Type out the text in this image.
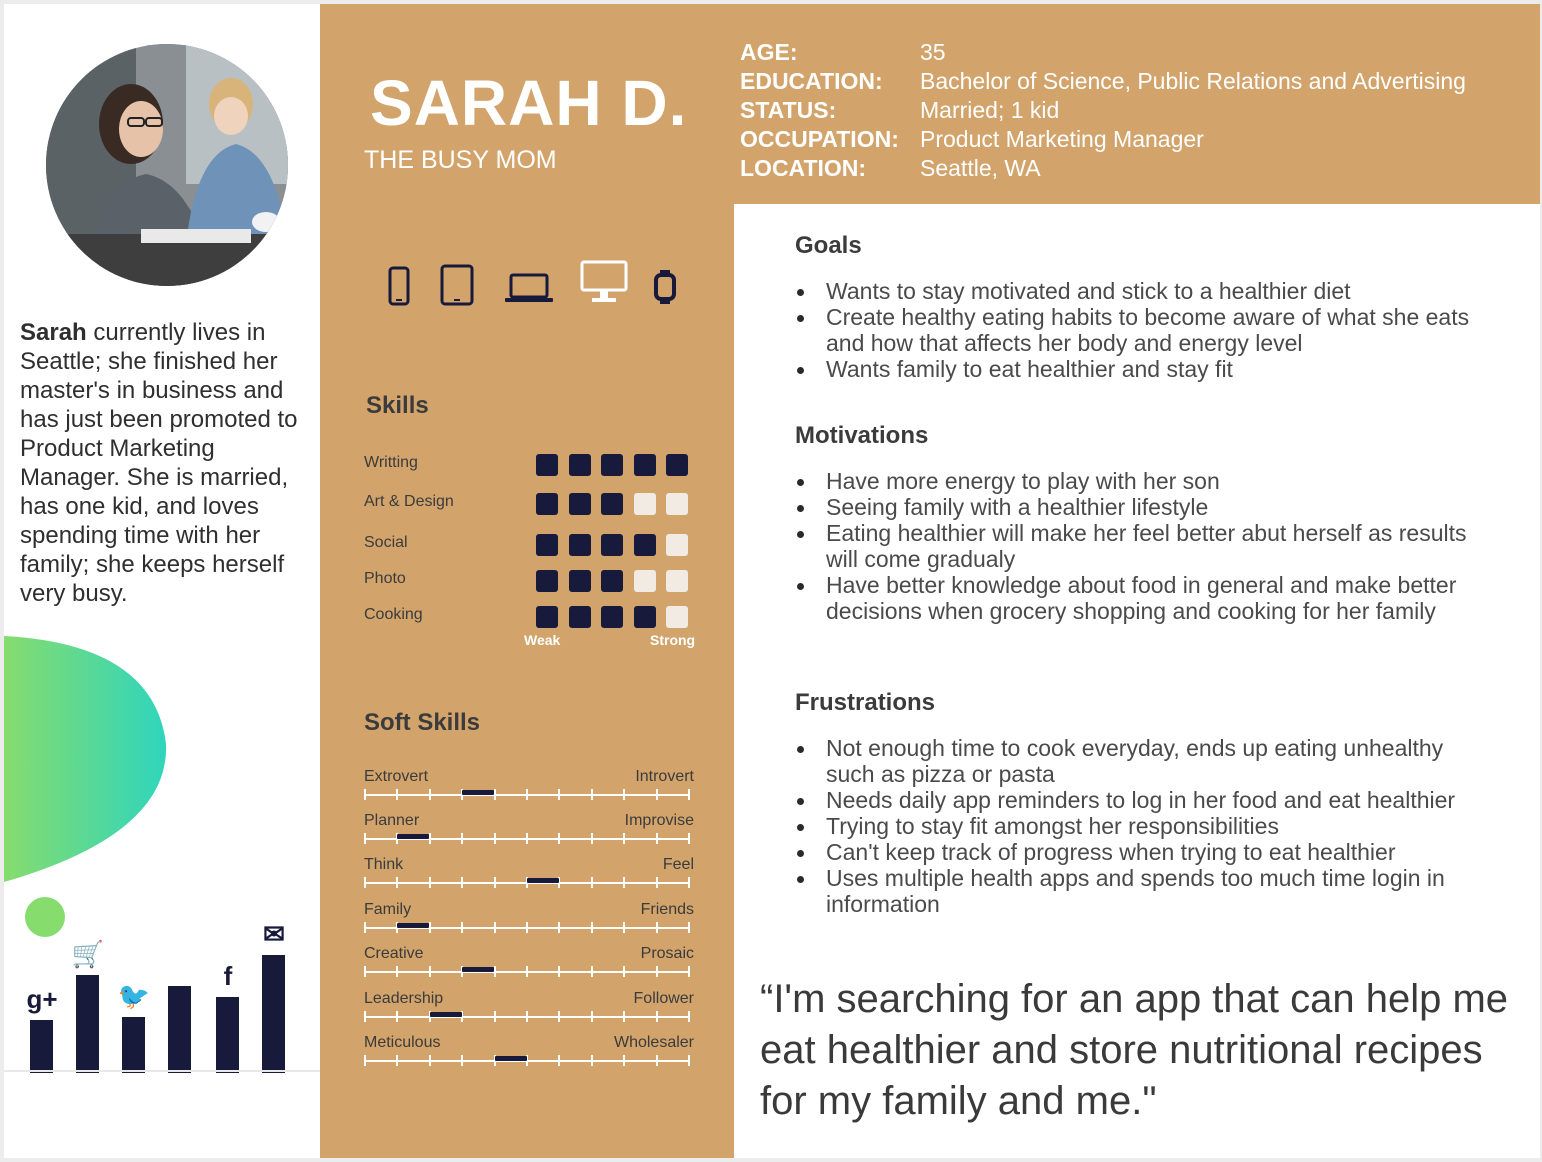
Sarah currently lives in Seattle; she finished her master's in business and has just been promoted to Product Marketing Manager. She is married, has one kid, and loves spending time with her family; she keeps herself very busy.
g+
🛒
🐦
f
✉
SARAH D.
THE BUSY MOM
AGE:	35
EDUCATION:	Bachelor of Science, Public Relations and Advertising
STATUS:	Married; 1 kid
OCCUPATION: Product Marketing Manager
LOCATION:	Seattle, WA
Skills
Writting
Art & Design
Social
Photo
Cooking
Weak	Strong
Soft Skills
Extrovert	Introvert
Planner	Improvise
Think	Feel
Family	Friends
Creative	Prosaic
Leadership	Follower
Meticulous	Wholesaler
Goals
Wants to stay motivated and stick to a healthier diet
Create healthy eating habits to become aware of what she eats and how that affects her body and energy level
Wants family to eat healthier and stay fit
Motivations
Have more energy to play with her son
Seeing family with a healthier lifestyle
Eating healthier will make her feel better abut herself as results will come gradualy
Have better knowledge about food in general and make better decisions when grocery shopping and cooking for her family
Frustrations
Not enough time to cook everyday, ends up eating unhealthy such as pizza or pasta
Needs daily app reminders to log in her food and eat healthier
Trying to stay fit amongst her responsibilities
Can't keep track of progress when trying to eat healthier
Uses multiple health apps and spends too much time login in information
“I'm searching for an app that can help me eat healthier and store nutritional recipes for my family and me."
